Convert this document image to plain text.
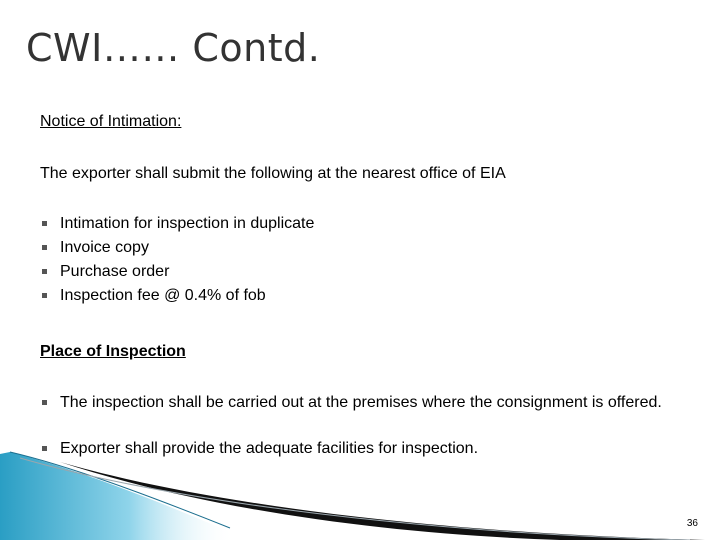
CWI…… Contd.

Notice of Intimation:

The exporter shall submit the following at the nearest office of EIA

Intimation for inspection in duplicate
Invoice copy
Purchase order
Inspection fee @ 0.4% of fob

Place of Inspection

The inspection shall be carried out at the premises where the consignment is offered.
Exporter shall provide the adequate facilities for inspection.
36
